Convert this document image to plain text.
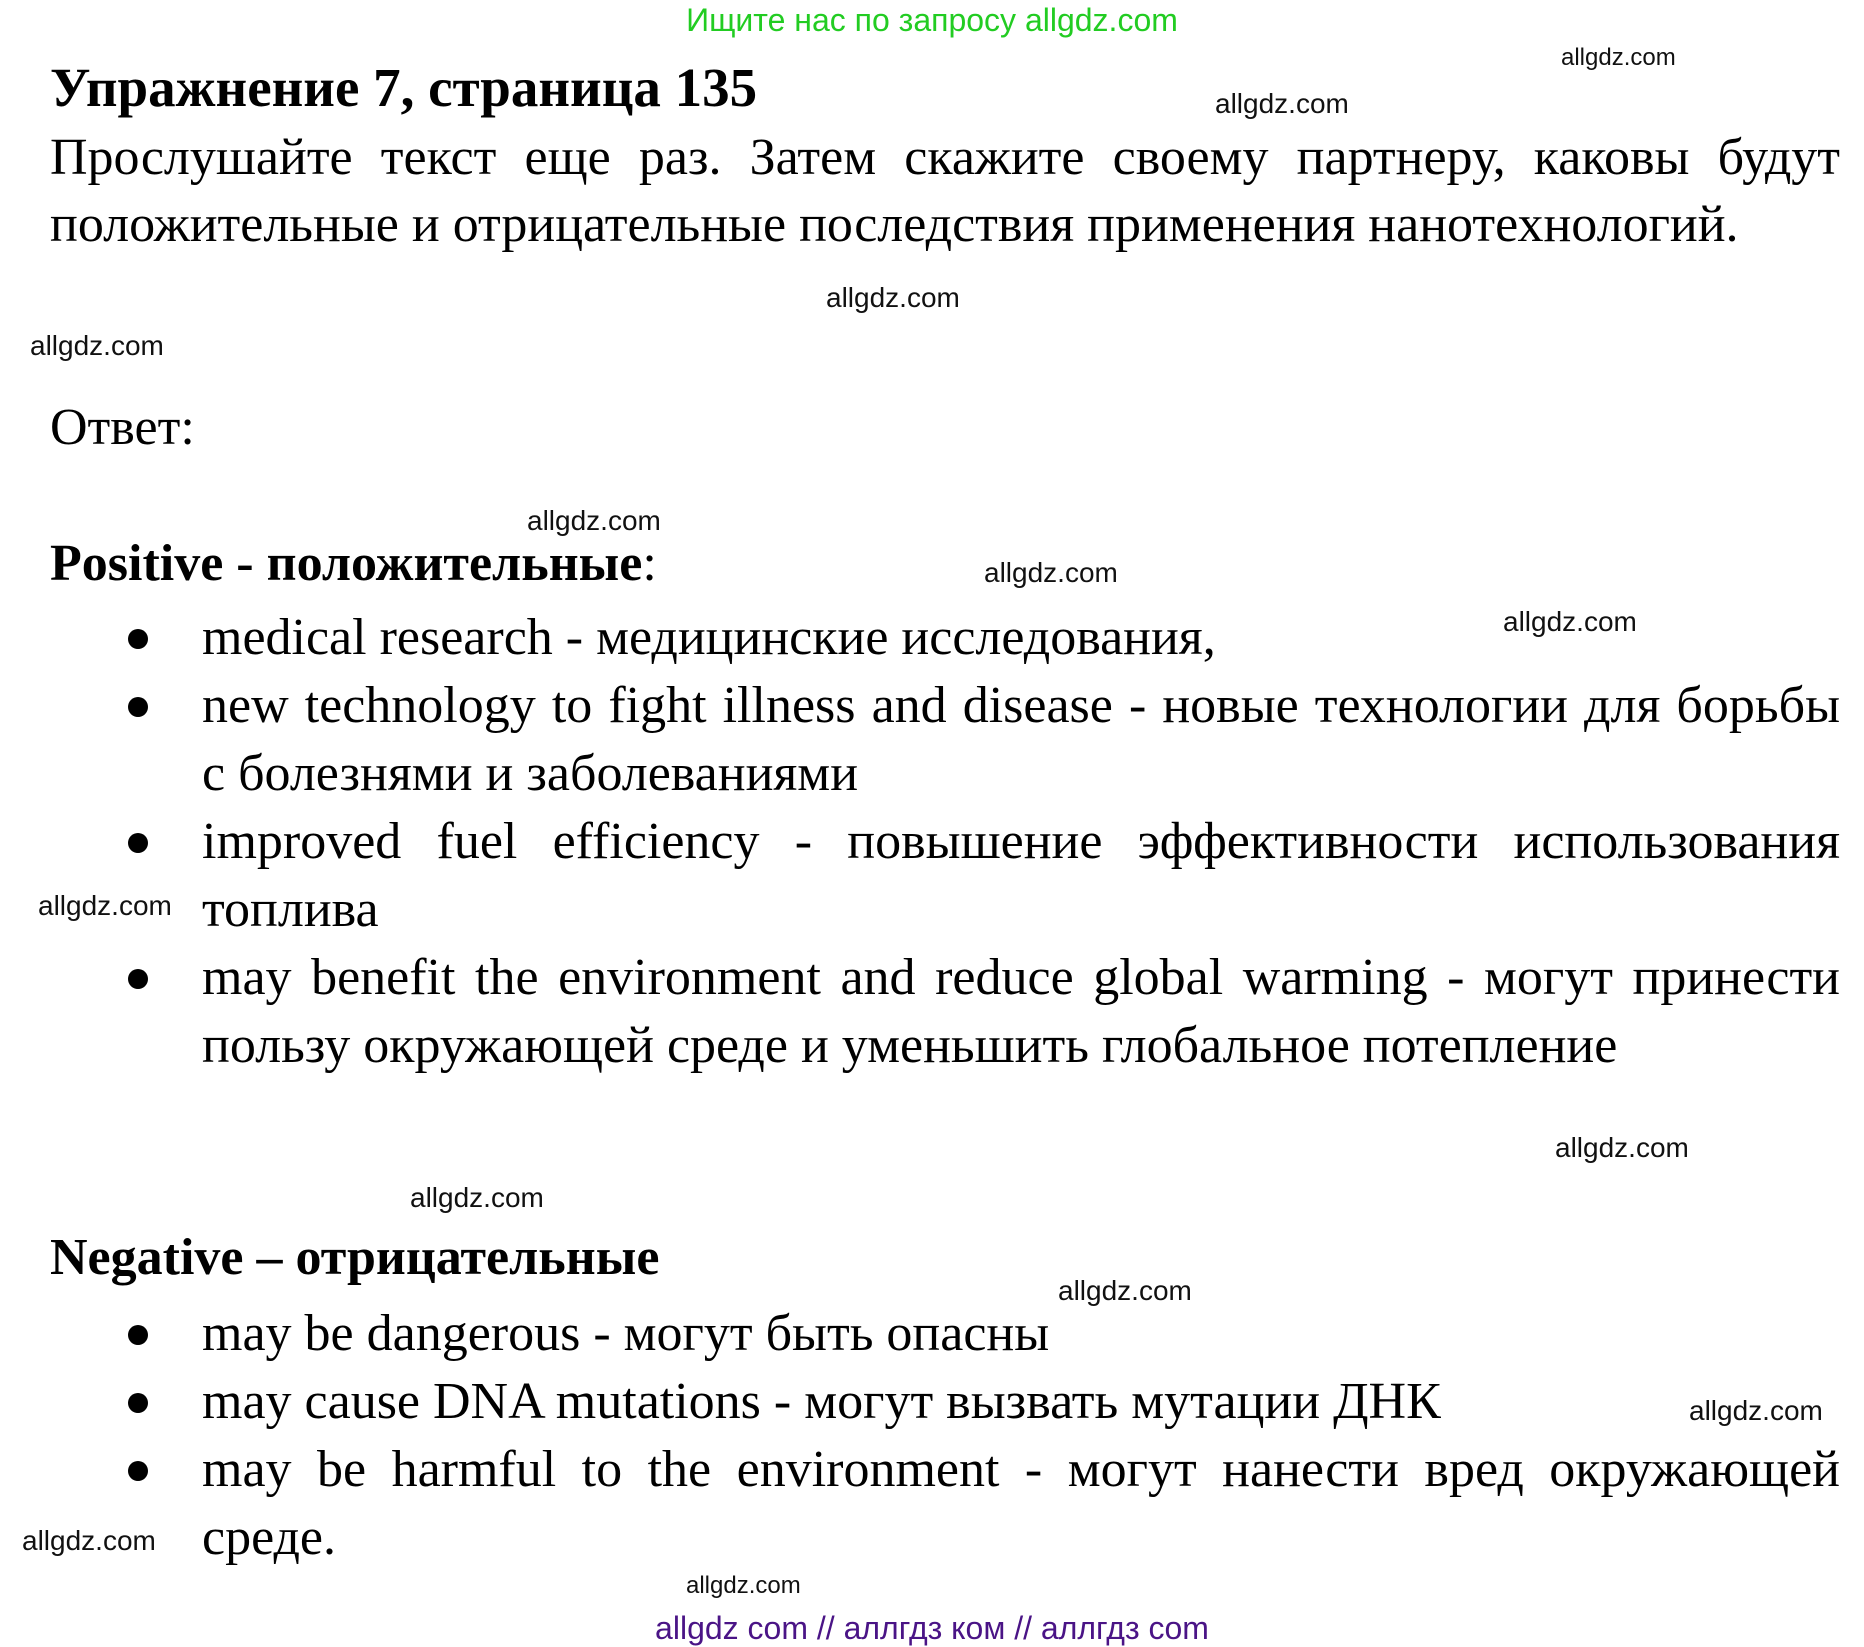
Ищите нас по запросу allgdz.com
allgdz.com
allgdz.com
allgdz.com
allgdz.com
allgdz.com
allgdz.com
allgdz.com
allgdz.com
allgdz.com
allgdz.com
allgdz.com
allgdz.com
allgdz.com
allgdz.com
Упражнение 7, страница 135
Прослушайте текст еще раз. Затем скажите своему партнеру, каковы будут положительные и отрицательные последствия применения нанотехнологий.
Ответ:
Positive - положительные:
medical research - медицинские исследования,
new technology to fight illness and disease - новые технологии для борьбы с болезнями и заболеваниями
improved fuel efficiency - повышение эффективности использования топлива
may benefit the environment and reduce global warming - могут принести пользу окружающей среде и уменьшить глобальное потепление
Negative – отрицательные
may be dangerous - могут быть опасны
may cause DNA mutations - могут вызвать мутации ДНК
may be harmful to the environment - могут нанести вред окружающей среде.
allgdz com // аллгдз ком // аллгдз com
